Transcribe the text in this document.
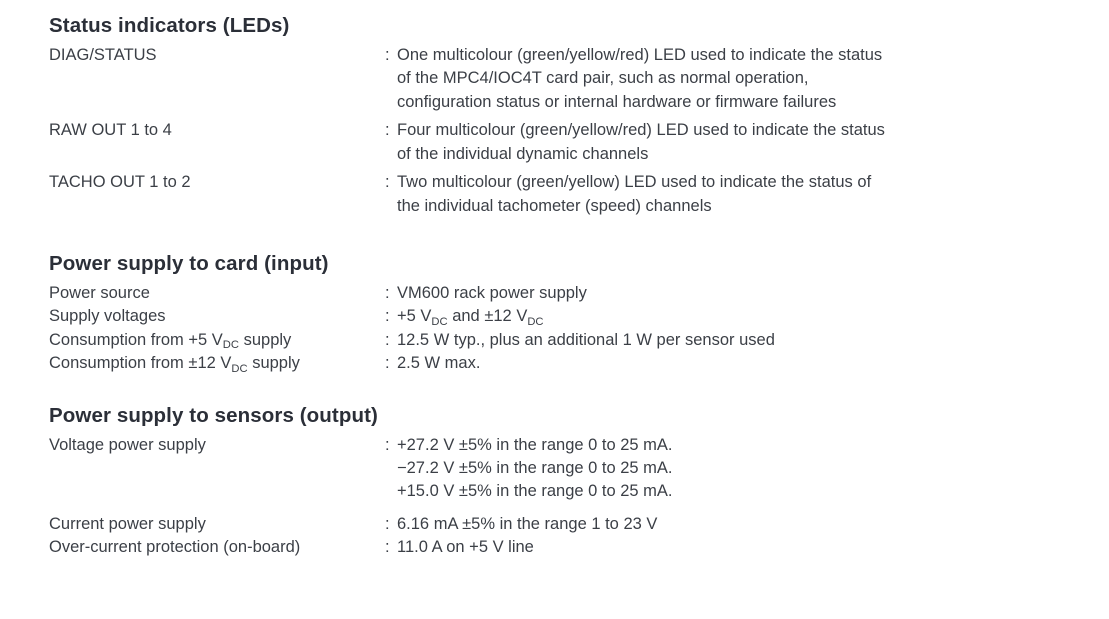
Status indicators (LEDs)
DIAG/STATUS	: One multicolour (green/yellow/red) LED used to indicate the status
of the MPC4/IOC4T card pair, such as normal operation,
configuration status or internal hardware or firmware failures
RAW OUT 1 to 4	: Four multicolour (green/yellow/red) LED used to indicate the status
of the individual dynamic channels
TACHO OUT 1 to 2	: Two multicolour (green/yellow) LED used to indicate the status of
the individual tachometer (speed) channels
Power supply to card (input)
Power source	: VM600 rack power supply
Supply voltages	: +5 $V_{DC}$ and ±12 $V_{DC}$
Consumption from +5 $V_{DC}$ supply	: 12.5 W typ., plus an additional 1 W per sensor used
Consumption from ±12 $V_{DC}$ supply	: 2.5 W max.
Power supply to sensors (output)
Voltage power supply	: +27.2 V ±5% in the range 0 to 25 mA.
−27.2 V ±5% in the range 0 to 25 mA.
+15.0 V ±5% in the range 0 to 25 mA.
Current power supply	: 6.16 mA ±5% in the range 1 to 23 V
Over-current protection (on-board)	: 11.0 A on +5 V line
